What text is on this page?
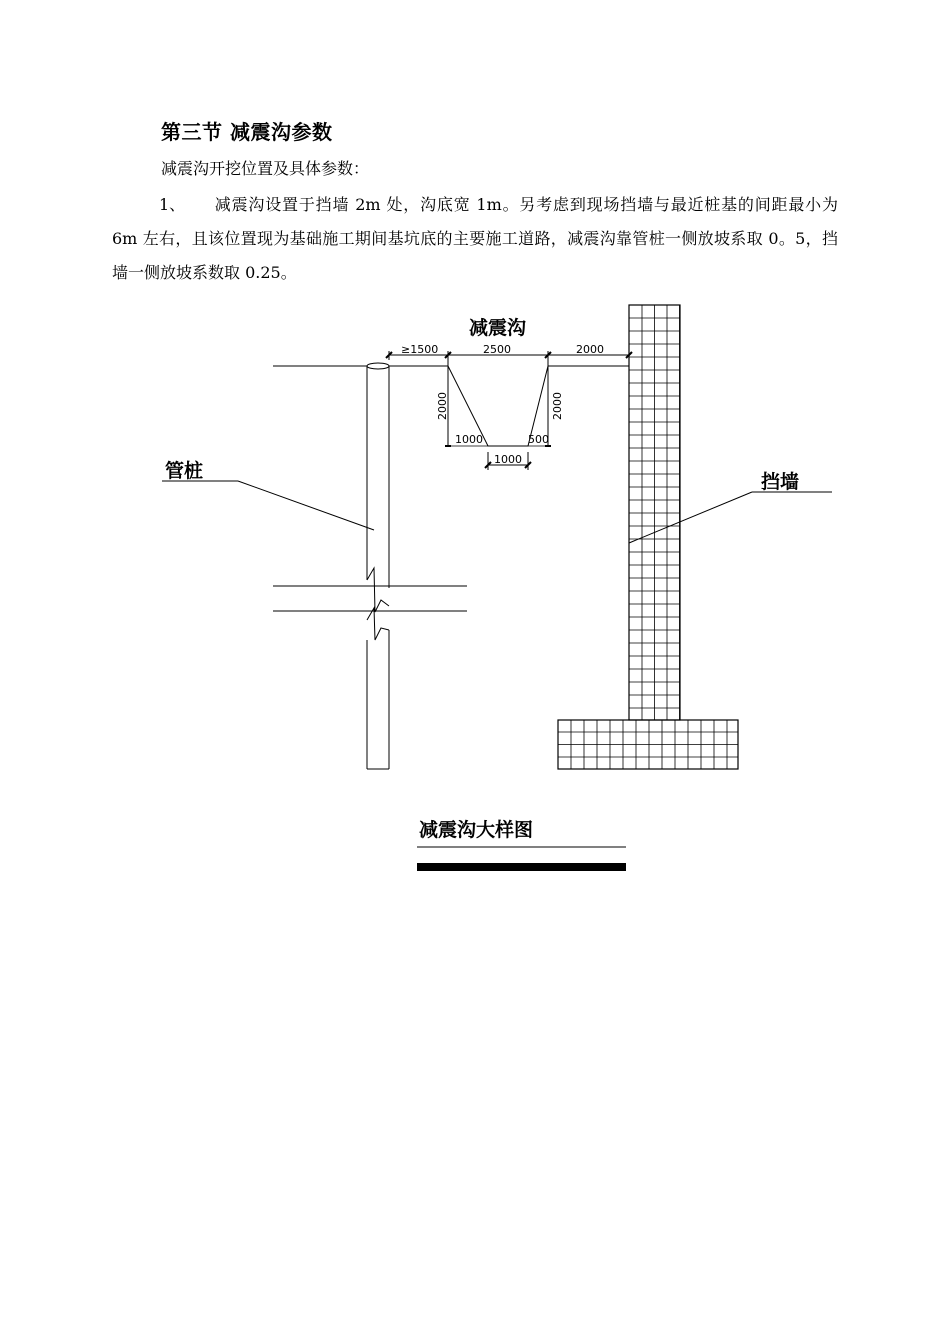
第三节 减震沟参数
减震沟开挖位置及具体参数：
1、 减震沟设置于挡墙 2m 处，沟底宽 1m。另考虑到现场挡墙与最近桩基的间距最小为 6m 左右，且该位置现为基础施工期间基坑底的主要施工道路，减震沟靠管桩一侧放坡系取 0。5，挡墙一侧放坡系数取 0.25。
≥1500	2500	2000
2000	2000
1000	500
1000
减震沟
管桩	挡墙
减震沟大样图
